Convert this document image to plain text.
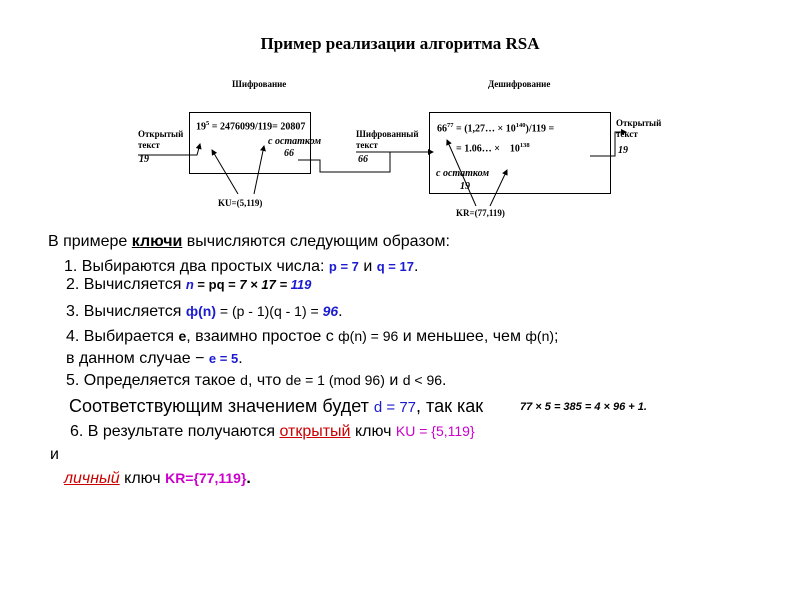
Пример реализации алгоритма RSA
Шифрование	Дешифрование
$19^5 = 2476099/119= 20807$
с остатком
66
Открытый
текст
19
KU=(5,119)
$66^{77}$ = (1,27… × $10^{140})/119$ =
= 1.06… × $10^{138}$
с остатком
19
Шифрованный
текст
66
Открытый
текст
19
KR=(77,119)
В примере ключи вычисляются следующим образом:
1. Выбираются два простых числа: p = 7 и q = 17.
2. Вычисляется n = pq = 7 × 17 = 119
3. Вычисляется ф(n) = (p - 1)(q - 1) = 96.
4. Выбирается e, взаимно простое с ф(n) = 96 и меньшее, чем ф(n);
в данном случае − e = 5.
5. Определяется такое d, что de = 1 (mod 96) и d < 96.
Соответствующим значением будет d = 77, так как	77 × 5 = 385 = 4 × 96 + 1.
6. В результате получаются открытый ключ KU = {5,119}
и
личный ключ KR={77,119}.
